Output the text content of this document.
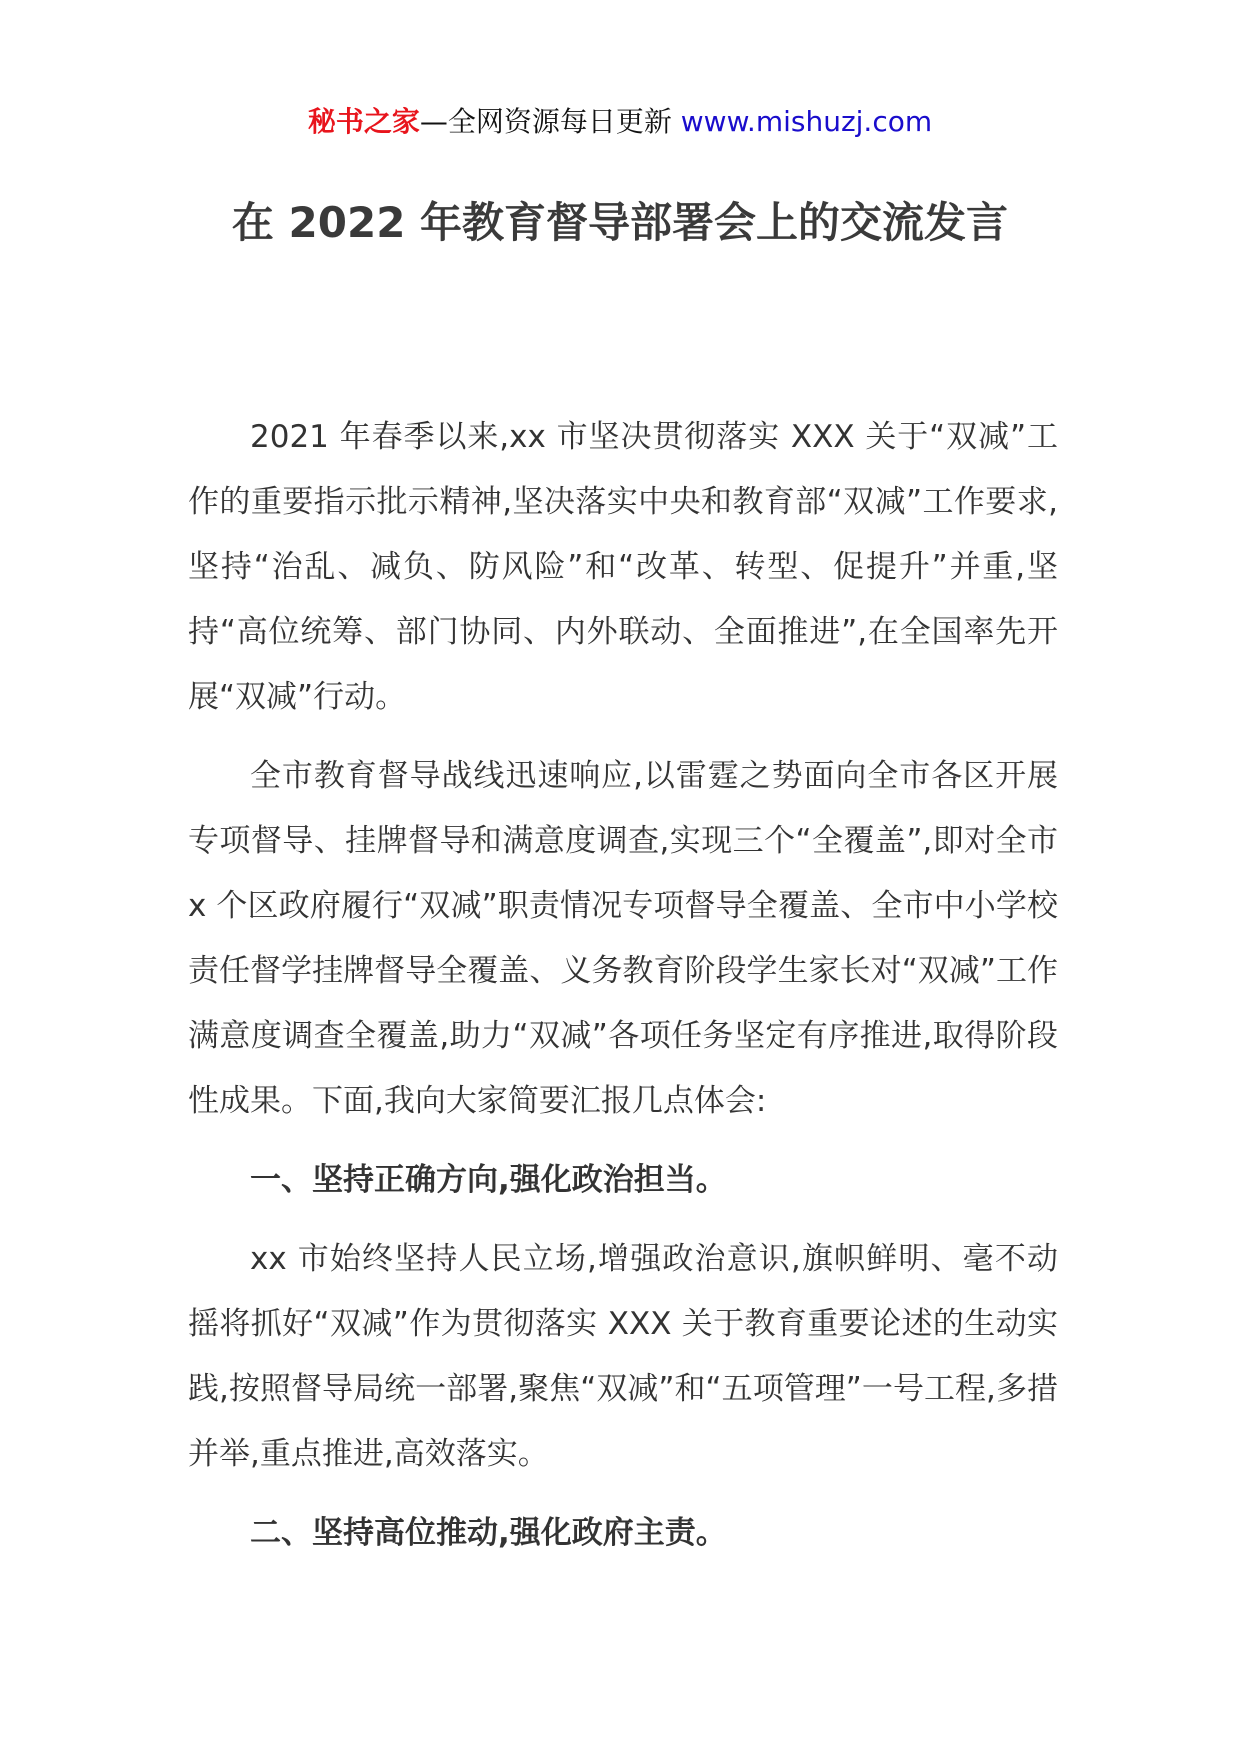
秘书之家—全网资源每日更新 www.mishuzj.com
在 2022 年教育督导部署会上的交流发言

2021 年春季以来,xx 市坚决贯彻落实 XXX 关于“双减”工作的重要指示批示精神,坚决落实中央和教育部“双减”工作要求,坚持“治乱、减负、防风险”和“改革、转型、促提升”并重,坚持“高位统筹、部门协同、内外联动、全面推进”,在全国率先开展“双减”行动。

全市教育督导战线迅速响应,以雷霆之势面向全市各区开展专项督导、挂牌督导和满意度调查,实现三个“全覆盖”,即对全市 x 个区政府履行“双减”职责情况专项督导全覆盖、全市中小学校责任督学挂牌督导全覆盖、义务教育阶段学生家长对“双减”工作满意度调查全覆盖,助力“双减”各项任务坚定有序推进,取得阶段性成果。下面,我向大家简要汇报几点体会:

一、坚持正确方向,强化政治担当。

xx 市始终坚持人民立场,增强政治意识,旗帜鲜明、毫不动摇将抓好“双减”作为贯彻落实 XXX 关于教育重要论述的生动实践,按照督导局统一部署,聚焦“双减”和“五项管理”一号工程,多措并举,重点推进,高效落实。

二、坚持高位推动,强化政府主责。
